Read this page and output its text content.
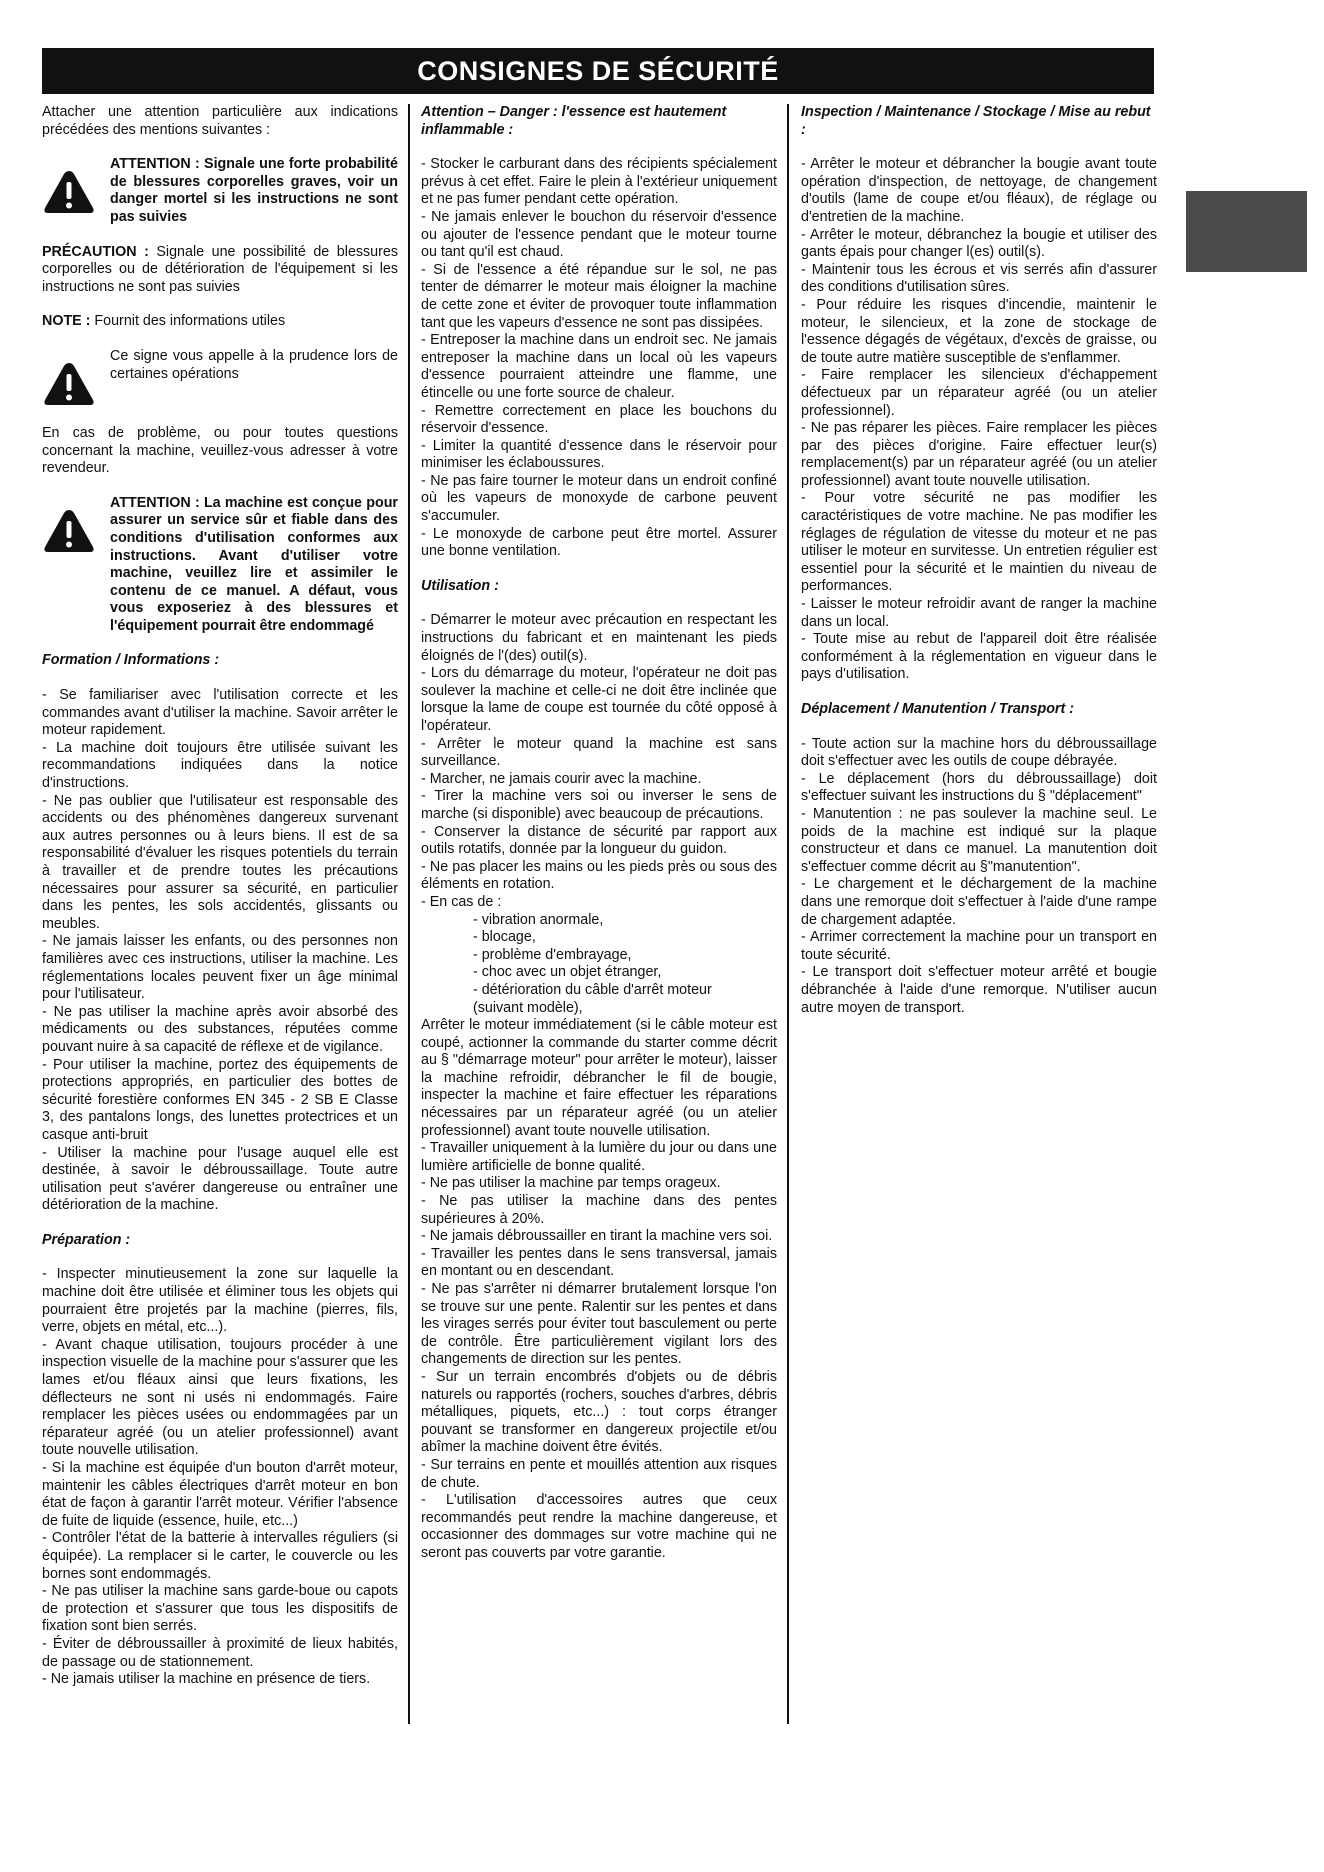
CONSIGNES DE SÉCURITÉ

Attacher une attention particulière aux indications précédées des mentions suivantes :

ATTENTION : Signale une forte probabilité de blessures corporelles graves, voir un danger mortel si les instructions ne sont pas suivies

PRÉCAUTION : Signale une possibilité de blessures corporelles ou de détérioration de l'équipement si les instructions ne sont pas suivies

NOTE : Fournit des informations utiles

Ce signe vous appelle à la prudence lors de certaines opérations

En cas de problème, ou pour toutes questions concernant la machine, veuillez-vous adresser à votre revendeur.

ATTENTION : La machine est conçue pour assurer un service sûr et fiable dans des conditions d'utilisation conformes aux instructions. Avant d'utiliser votre machine, veuillez lire et assimiler le contenu de ce manuel. A défaut, vous vous exposeriez à des blessures et l'équipement pourrait être endommagé
Formation / Informations :
- Se familiariser avec l'utilisation correcte et les commandes avant d'utiliser la machine. Savoir arrêter le moteur rapidement.
- La machine doit toujours être utilisée suivant les recommandations indiquées dans la notice d'instructions.
- Ne pas oublier que l'utilisateur est responsable des accidents ou des phénomènes dangereux survenant aux autres personnes ou à leurs biens. Il est de sa responsabilité d'évaluer les risques potentiels du terrain à travailler et de prendre toutes les précautions nécessaires pour assurer sa sécurité, en particulier dans les pentes, les sols accidentés, glissants ou meubles.
- Ne jamais laisser les enfants, ou des personnes non familières avec ces instructions, utiliser la machine. Les réglementations locales peuvent fixer un âge minimal pour l'utilisateur.
- Ne pas utiliser la machine après avoir absorbé des médicaments ou des substances, réputées comme pouvant nuire à sa capacité de réflexe et de vigilance.
- Pour utiliser la machine, portez des équipements de protections appropriés, en particulier des bottes de sécurité forestière conformes EN 345 - 2 SB E Classe 3, des pantalons longs, des lunettes protectrices et un casque anti-bruit
- Utiliser la machine pour l'usage auquel elle est destinée, à savoir le débroussaillage. Toute autre utilisation peut s'avérer dangereuse ou entraîner une détérioration de la machine.
Préparation :
- Inspecter minutieusement la zone sur laquelle la machine doit être utilisée et éliminer tous les objets qui pourraient être projetés par la machine (pierres, fils, verre, objets en métal, etc...).
- Avant chaque utilisation, toujours procéder à une inspection visuelle de la machine pour s'assurer que les lames et/ou fléaux ainsi que leurs fixations, les déflecteurs ne sont ni usés ni endommagés. Faire remplacer les pièces usées ou endommagées par un réparateur agréé (ou un atelier professionnel) avant toute nouvelle utilisation.
- Si la machine est équipée d'un bouton d'arrêt moteur, maintenir les câbles électriques d'arrêt moteur en bon état de façon à garantir l'arrêt moteur. Vérifier l'absence de fuite de liquide (essence, huile, etc...)
- Contrôler l'état de la batterie à intervalles réguliers (si équipée). La remplacer si le carter, le couvercle ou les bornes sont endommagés.
- Ne pas utiliser la machine sans garde-boue ou capots de protection et s'assurer que tous les dispositifs de fixation sont bien serrés.
- Éviter de débroussailler à proximité de lieux habités, de passage ou de stationnement.
- Ne jamais utiliser la machine en présence de tiers.
Attention – Danger : l'essence est hautement inflammable :
- Stocker le carburant dans des récipients spécialement prévus à cet effet. Faire le plein à l'extérieur uniquement et ne pas fumer pendant cette opération.
- Ne jamais enlever le bouchon du réservoir d'essence ou ajouter de l'essence pendant que le moteur tourne ou tant qu'il est chaud.
- Si de l'essence a été répandue sur le sol, ne pas tenter de démarrer le moteur mais éloigner la machine de cette zone et éviter de provoquer toute inflammation tant que les vapeurs d'essence ne sont pas dissipées.
- Entreposer la machine dans un endroit sec. Ne jamais entreposer la machine dans un local où les vapeurs d'essence pourraient atteindre une flamme, une étincelle ou une forte source de chaleur.
- Remettre correctement en place les bouchons du réservoir d'essence.
- Limiter la quantité d'essence dans le réservoir pour minimiser les éclaboussures.
- Ne pas faire tourner le moteur dans un endroit confiné où les vapeurs de monoxyde de carbone peuvent s'accumuler.
- Le monoxyde de carbone peut être mortel. Assurer une bonne ventilation.
Utilisation :
- Démarrer le moteur avec précaution en respectant les instructions du fabricant et en maintenant les pieds éloignés de l'(des) outil(s).
- Lors du démarrage du moteur, l'opérateur ne doit pas soulever la machine et celle-ci ne doit être inclinée que lorsque la lame de coupe est tournée du côté opposé à l'opérateur.
- Arrêter le moteur quand la machine est sans surveillance.
- Marcher, ne jamais courir avec la machine.
- Tirer la machine vers soi ou inverser le sens de marche (si disponible) avec beaucoup de précautions.
- Conserver la distance de sécurité par rapport aux outils rotatifs, donnée par la longueur du guidon.
- Ne pas placer les mains ou les pieds près ou sous des éléments en rotation.
- En cas de :
- vibration anormale,
- blocage,
- problème d'embrayage,
- choc avec un objet étranger,
- détérioration du câble d'arrêt moteur
(suivant modèle),
Arrêter le moteur immédiatement (si le câble moteur est coupé, actionner la commande du starter comme décrit au § "démarrage moteur" pour arrêter le moteur), laisser la machine refroidir, débrancher le fil de bougie, inspecter la machine et faire effectuer les réparations nécessaires par un réparateur agréé (ou un atelier professionnel) avant toute nouvelle utilisation.
- Travailler uniquement à la lumière du jour ou dans une lumière artificielle de bonne qualité.
- Ne pas utiliser la machine par temps orageux.
- Ne pas utiliser la machine dans des pentes supérieures à 20%.
- Ne jamais débroussailler en tirant la machine vers soi.
- Travailler les pentes dans le sens transversal, jamais en montant ou en descendant.
- Ne pas s'arrêter ni démarrer brutalement lorsque l'on se trouve sur une pente. Ralentir sur les pentes et dans les virages serrés pour éviter tout basculement ou perte de contrôle. Être particulièrement vigilant lors des changements de direction sur les pentes.
- Sur un terrain encombrés d'objets ou de débris naturels ou rapportés (rochers, souches d'arbres, débris métalliques, piquets, etc...) : tout corps étranger pouvant se transformer en dangereux projectile et/ou abîmer la machine doivent être évités.
- Sur terrains en pente et mouillés attention aux risques de chute.
- L'utilisation d'accessoires autres que ceux recommandés peut rendre la machine dangereuse, et occasionner des dommages sur votre machine qui ne seront pas couverts par votre garantie.
Inspection / Maintenance / Stockage / Mise au rebut :
- Arrêter le moteur et débrancher la bougie avant toute opération d'inspection, de nettoyage, de changement d'outils (lame de coupe et/ou fléaux), de réglage ou d'entretien de la machine.
- Arrêter le moteur, débranchez la bougie et utiliser des gants épais pour changer l(es) outil(s).
- Maintenir tous les écrous et vis serrés afin d'assurer des conditions d'utilisation sûres.
- Pour réduire les risques d'incendie, maintenir le moteur, le silencieux, et la zone de stockage de l'essence dégagés de végétaux, d'excès de graisse, ou de toute autre matière susceptible de s'enflammer.
- Faire remplacer les silencieux d'échappement défectueux par un réparateur agréé (ou un atelier professionnel).
- Ne pas réparer les pièces. Faire remplacer les pièces par des pièces d'origine. Faire effectuer leur(s) remplacement(s) par un réparateur agréé (ou un atelier professionnel) avant toute nouvelle utilisation.
- Pour votre sécurité ne pas modifier les caractéristiques de votre machine. Ne pas modifier les réglages de régulation de vitesse du moteur et ne pas utiliser le moteur en survitesse. Un entretien régulier est essentiel pour la sécurité et le maintien du niveau de performances.
- Laisser le moteur refroidir avant de ranger la machine dans un local.
- Toute mise au rebut de l'appareil doit être réalisée conformément à la réglementation en vigueur dans le pays d'utilisation.
Déplacement / Manutention / Transport :
- Toute action sur la machine hors du débroussaillage doit s'effectuer avec les outils de coupe débrayée.
- Le déplacement (hors du débroussaillage) doit s'effectuer suivant les instructions du § "déplacement"
- Manutention : ne pas soulever la machine seul. Le poids de la machine est indiqué sur la plaque constructeur et dans ce manuel. La manutention doit s'effectuer comme décrit au §"manutention".
- Le chargement et le déchargement de la machine dans une remorque doit s'effectuer à l'aide d'une rampe de chargement adaptée.
- Arrimer correctement la machine pour un transport en toute sécurité.
- Le transport doit s'effectuer moteur arrêté et bougie débranchée à l'aide d'une remorque. N'utiliser aucun autre moyen de transport.
